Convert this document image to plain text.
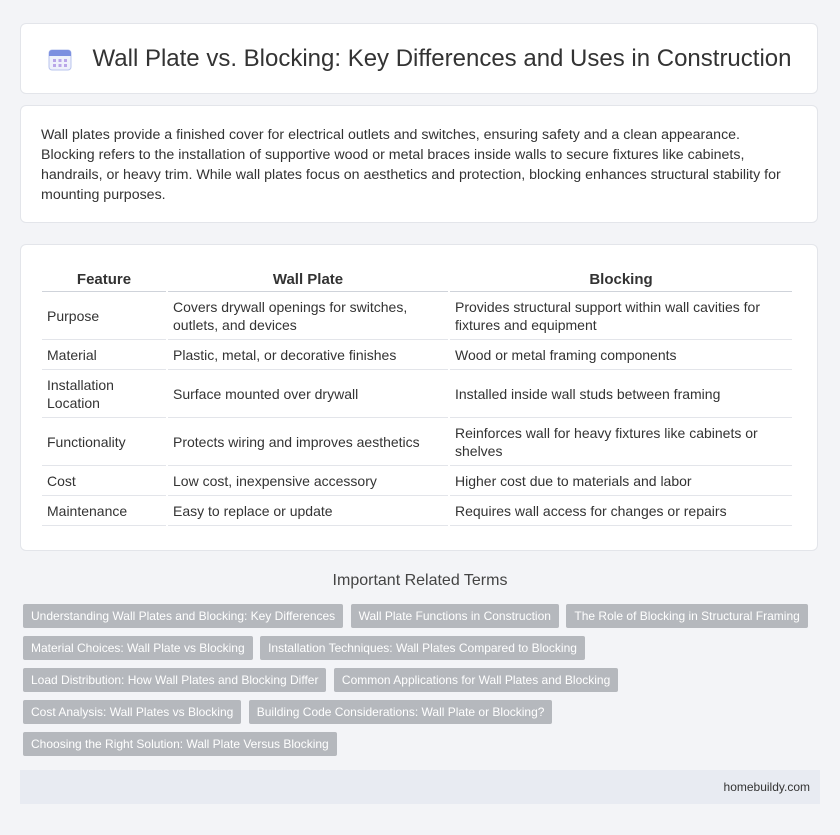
Wall Plate vs. Blocking: Key Differences and Uses in Construction
Wall plates provide a finished cover for electrical outlets and switches, ensuring safety and a clean appearance. Blocking refers to the installation of supportive wood or metal braces inside walls to secure fixtures like cabinets, handrails, or heavy trim. While wall plates focus on aesthetics and protection, blocking enhances structural stability for mounting purposes.
Feature	Wall Plate	Blocking
Purpose	Covers drywall openings for switches, outlets, and devices	Provides structural support within wall cavities for fixtures and equipment
Material	Plastic, metal, or decorative finishes	Wood or metal framing components
Installation Location	Surface mounted over drywall	Installed inside wall studs between framing
Functionality	Protects wiring and improves aesthetics	Reinforces wall for heavy fixtures like cabinets or shelves
Cost	Low cost, inexpensive accessory	Higher cost due to materials and labor
Maintenance	Easy to replace or update	Requires wall access for changes or repairs
Important Related Terms
Understanding Wall Plates and Blocking: Key Differences Wall Plate Functions in Construction The Role of Blocking in Structural Framing Material Choices: Wall Plate vs Blocking Installation Techniques: Wall Plates Compared to Blocking Load Distribution: How Wall Plates and Blocking Differ Common Applications for Wall Plates and Blocking Cost Analysis: Wall Plates vs Blocking Building Code Considerations: Wall Plate or Blocking? Choosing the Right Solution: Wall Plate Versus Blocking
homebuildy.com
